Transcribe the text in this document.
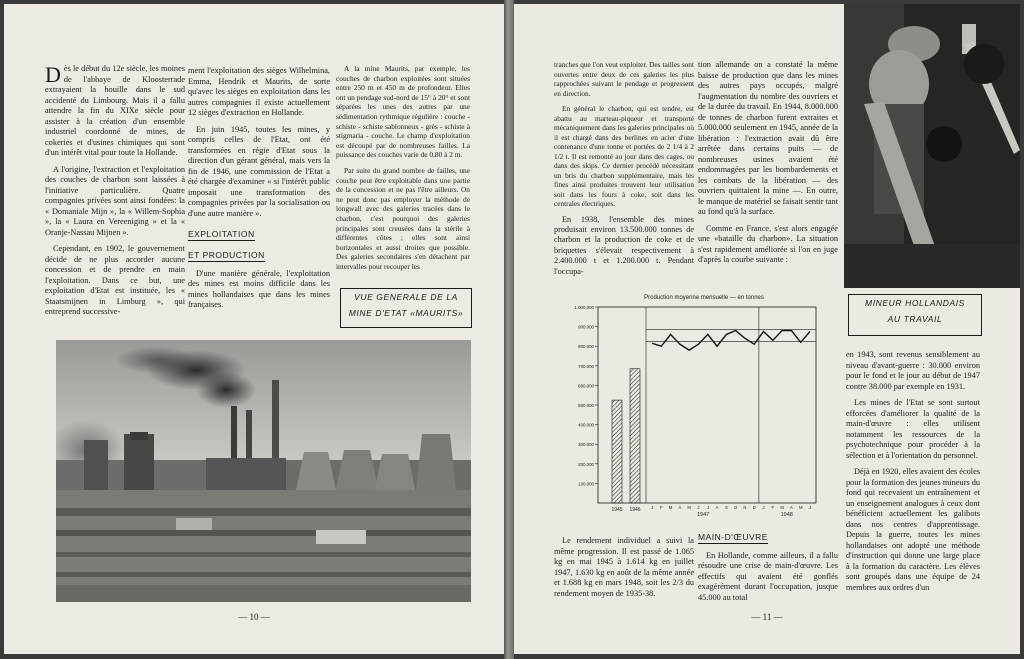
Dès le début du 12e siècle, les moines de l'abbaye de Kloosterrade extrayaient la houille dans le sud accidenté du Limbourg. Mais il a fallu attendre la fin du XIXe siècle pour assister à la création d'un ensemble industriel coordonné de mines, de cokeries et d'usines chimiques qui sont d'un intérêt vital pour toute la Hollande.

A l'origine, l'extraction et l'exploitation des couches de charbon sont laissées à l'initiative particulière. Quatre compagnies privées sont ainsi fondées: la « Domaniale Mijn », la « Willem-Sophia », la « Laura en Vereeniging » et la « Oranje-Nassau Mijnen ».

Cependant, en 1902, le gouvernement décide de ne plus accorder aucune concession et de prendre en main l'exploitation. Dans ce but, une exploitation d'Etat est instituée, les « Staatsmijnen in Limburg », qui entreprend successive-

ment l'exploitation des sièges Wilhelmina, Emma, Hendrik et Maurits, de sorte qu'avec les sièges en exploitation dans les autres compagnies il existe actuellement 12 sièges d'extraction en Hollande.

En juin 1945, toutes les mines, y compris celles de l'Etat, ont été transformées en régie d'Etat sous la direction d'un gérant général, mais vers la fin de 1946, une commission de l'Etat a été chargée d'examiner « si l'intérêt public imposait une transformation des compagnies privées par la socialisation ou d'une autre manière ».

EXPLOITATION

ET PRODUCTION

D'une manière générale, l'exploitation des mines est moins difficile dans les mines hollandaises que dans les mines françaises.

A la mine Maurits, par exemple, les couches de charbon exploitées sont situées entre 250 m et 450 m de profondeur. Elles ont un pendage sud-nord de 15° à 20° et sont séparées les unes des autres par une sédimentation rythmique régulière : couche - schiste - schiste sablonneux - grès - schiste à stigmaria - couche. Le champ d'exploitation est découpé par de nombreuses failles. La puissance des couches varie de 0,80 à 2 m.

Par suite du grand nombre de failles, une couche peut être exploitable dans une partie de la concession et ne pas l'être ailleurs. On ne peut donc pas employer la méthode de longwall avec des galeries tracées dans le charbon, c'est pourquoi des galeries principales sont creusées dans la stérile à différentes côtes ; elles sont ainsi horizontales et aussi droites que possible. Des galeries secondaires s'en détachent par intervalles pour recouper les

VUE GENERALE DE LA
MINE D'ETAT «MAURITS»
— 10 —

tranches que l'on veut exploiter. Des tailles sont ouvertes entre deux de ces galeries les plus rapprochées suivant le pendage et progressent en direction.

En général le charbon, qui est tendre, est abattu au marteau-piqueur et transporté mécaniquement dans les galeries principales où il est chargé dans des berlines en acier d'une contenance d'une tonne et portées de 2 1/4 à 2 1/2 t. Il est remonté au jour dans des cages, ou dans des skips. Ce dernier procédé nécessitant un bris du charbon supplémentaire, mais les fines ainsi produites trouvent leur utilisation soit dans les fours à coke, soit dans les centrales électriques.

En 1938, l'ensemble des mines produisait environ 13.500.000 tonnes de charbon et la production de coke et de briquettes s'élevait respectivement à 2.400.000 t et 1.200.000 t. Pendant l'occupa-

tion allemande on a constaté la même baisse de production que dans les mines des autres pays occupés, malgré l'augmentation du nombre des ouvriers et de la durée du travail. En 1944, 8.000.000 de tonnes de charbon furent extraites et 5.000.000 seulement en 1945, année de la libération : l'extraction avait dû être arrêtée dans certains puits — de nombreuses usines avaient été endommagées par les bombardements et les combats de la libération — des ouvriers quittaient la mine —. En outre, le manque de matériel se faisait sentir tant au fond qu'à la surface.

Comme en France, s'est alors engagée une «bataille du charbon». La situation s'est rapidement améliorée si l'on en juge d'après la courbe suivante :

MINEUR HOLLANDAIS
AU TRAVAIL

en 1943, sont revenus sensiblement au niveau d'avant-guerre : 30.000 environ pour le fond et le jour au début de 1947 contre 38.000 par exemple en 1931.

Les mines de l'Etat se sont surtout efforcées d'améliorer la qualité de la main-d'œuvre : elles utilisent notamment les ressources de la psychotechnique pour procéder à la sélection et à l'orientation du personnel.

Déjà en 1920, elles avaient des écoles pour la formation des jeunes mineurs du fond qui recevaient un entraînement et un enseignement analogues à ceux dont bénéficient actuellement les galibots dans nos centres d'apprentissage. Depuis la guerre, toutes les mines hollandaises ont adopté une méthode d'instruction qui donne une large place à la formation du caractère. Les élèves sont groupés dans une équipe de 24 membres aux ordres d'un

Production moyenne mensuelle — en tonnes
1.000.000
900.000
800.000
700.000
600.000
500.000
400.000
300.000
200.000
100.000
1945 1946 J F M A M J J A S O N D J F M A M J
1947	1948

Le rendement individuel a suivi la même progression. Il est passé de 1.065 kg en mai 1945 à 1.614 kg en juillet 1947, 1.630 kg en août de la même année et 1.688 kg en mars 1948, soit les 2/3 du rendement moyen de 1935-38.

MAIN-D'ŒUVRE

En Hollande, comme ailleurs, il a fallu résoudre une crise de main-d'œuvre. Les effectifs qui avaient été gonflés exagérément durant l'occupation, jusque 45.000 au total

— 11 —
